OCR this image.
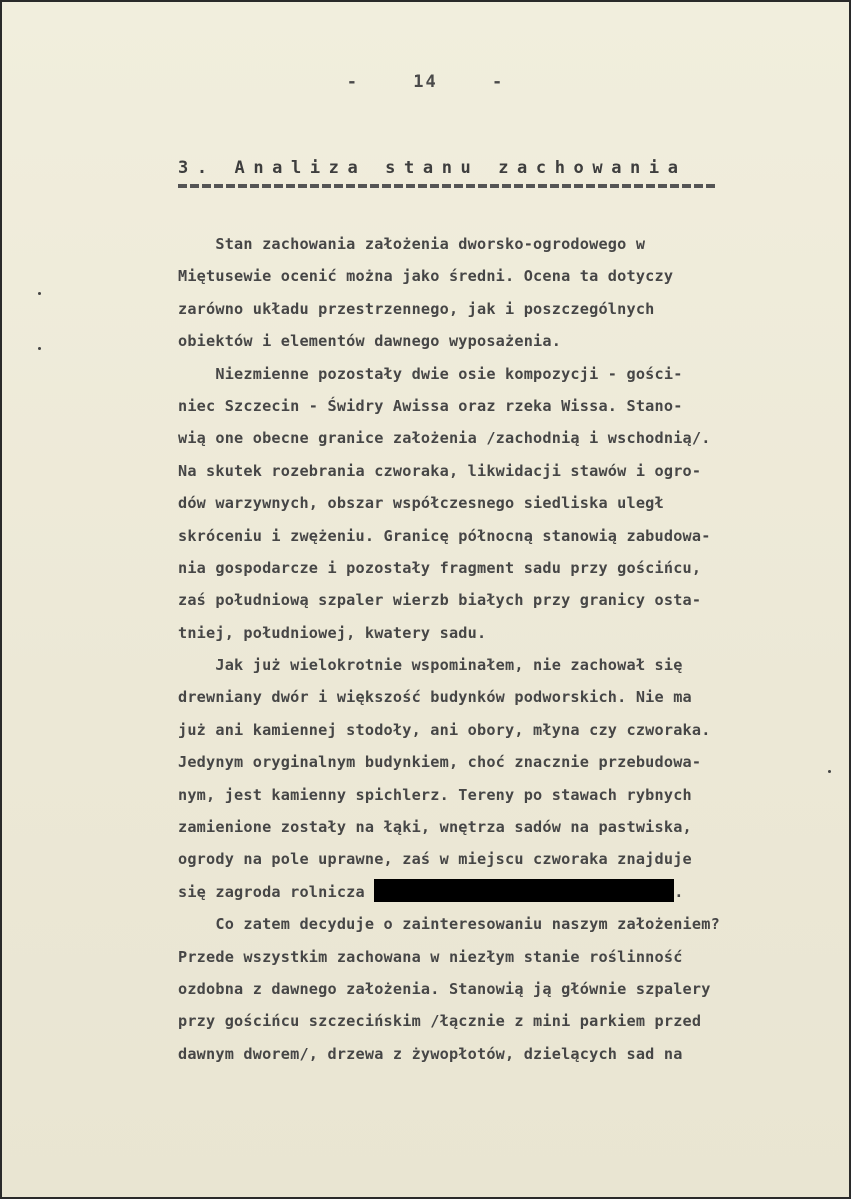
-	14	-
3. Analiza stanu zachowania
Stan zachowania założenia dworsko-ogrodowego w
Miętusewie ocenić można jako średni. Ocena ta dotyczy
zarówno układu przestrzennego, jak i poszczególnych
obiektów i elementów dawnego wyposażenia.
Niezmienne pozostały dwie osie kompozycji - gości-
niec Szczecin - Świdry Awissa oraz rzeka Wissa. Stano-
wią one obecne granice założenia /zachodnią i wschodnią/.
Na skutek rozebrania czworaka, likwidacji stawów i ogro-
dów warzywnych, obszar współczesnego siedliska uległ
skróceniu i zwężeniu. Granicę północną stanowią zabudowa-
nia gospodarcze i pozostały fragment sadu przy gościńcu,
zaś południową szpaler wierzb białych przy granicy osta-
tniej, południowej, kwatery sadu.
Jak już wielokrotnie wspominałem, nie zachował się
drewniany dwór i większość budynków podworskich. Nie ma
już ani kamiennej stodoły, ani obory, młyna czy czworaka.
Jedynym oryginalnym budynkiem, choć znacznie przebudowa-
nym, jest kamienny spichlerz. Tereny po stawach rybnych
zamienione zostały na łąki, wnętrza sadów na pastwiska,
ogrody na pole uprawne, zaś w miejscu czworaka znajduje
się zagroda rolnicza	.
Co zatem decyduje o zainteresowaniu naszym założeniem?
Przede wszystkim zachowana w niezłym stanie roślinność
ozdobna z dawnego założenia. Stanowią ją głównie szpalery
przy gościńcu szczecińskim /łącznie z mini parkiem przed
dawnym dworem/, drzewa z żywopłotów, dzielących sad na
